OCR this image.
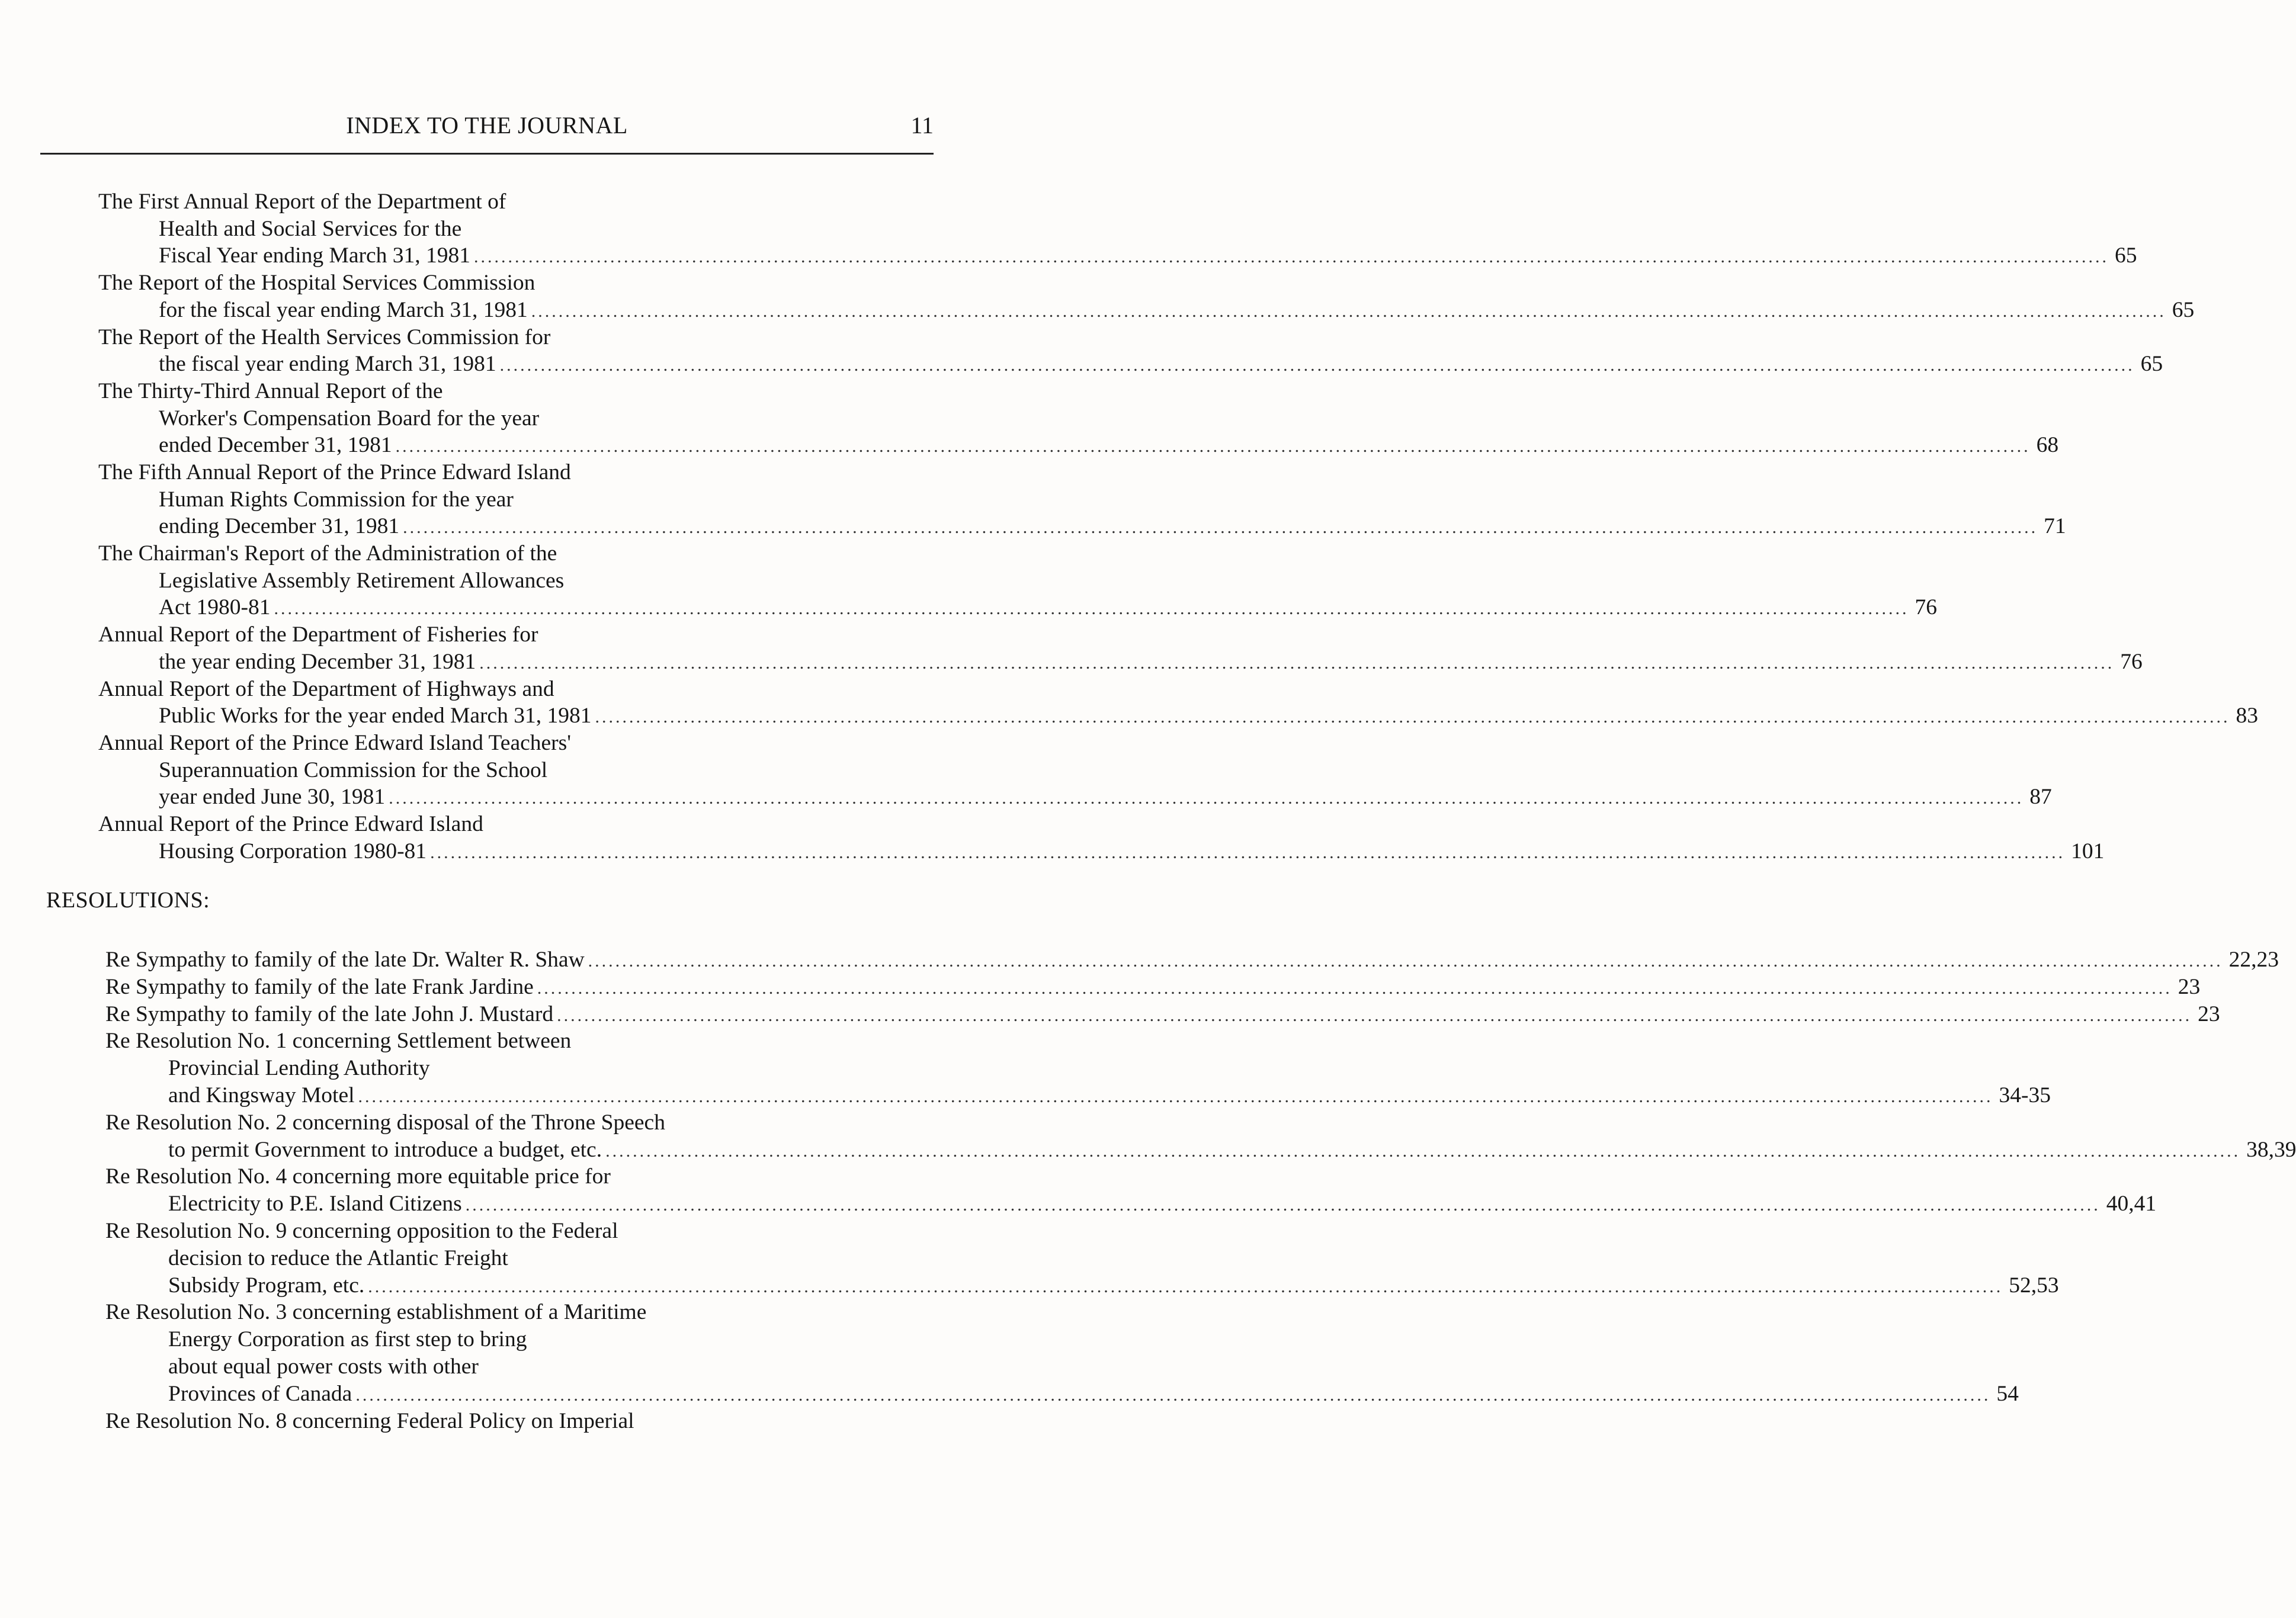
INDEX TO THE JOURNAL	11
The First Annual Report of the Department of
Health and Social Services for the
Fiscal Year ending March 31, 1981 ................................................................................................................................................................................................................................................ 65
The Report of the Hospital Services Commission
for the fiscal year ending March 31, 1981 ................................................................................................................................................................................................................................................ 65
The Report of the Health Services Commission for
the fiscal year ending March 31, 1981 ................................................................................................................................................................................................................................................ 65
The Thirty-Third Annual Report of the
Worker's Compensation Board for the year
ended December 31, 1981 ................................................................................................................................................................................................................................................ 68
The Fifth Annual Report of the Prince Edward Island
Human Rights Commission for the year
ending December 31, 1981 ................................................................................................................................................................................................................................................ 71
The Chairman's Report of the Administration of the
Legislative Assembly Retirement Allowances
Act 1980-81 ................................................................................................................................................................................................................................................ 76
Annual Report of the Department of Fisheries for
the year ending December 31, 1981 ................................................................................................................................................................................................................................................ 76
Annual Report of the Department of Highways and
Public Works for the year ended March 31, 1981 ................................................................................................................................................................................................................................................ 83
Annual Report of the Prince Edward Island Teachers'
Superannuation Commission for the School
year ended June 30, 1981 ................................................................................................................................................................................................................................................ 87
Annual Report of the Prince Edward Island
Housing Corporation 1980-81 ................................................................................................................................................................................................................................................ 101
RESOLUTIONS:
Re Sympathy to family of the late Dr. Walter R. Shaw ................................................................................................................................................................................................................................................ 22,23
Re Sympathy to family of the late Frank Jardine ................................................................................................................................................................................................................................................ 23
Re Sympathy to family of the late John J. Mustard ................................................................................................................................................................................................................................................ 23
Re Resolution No. 1 concerning Settlement between
Provincial Lending Authority
and Kingsway Motel ................................................................................................................................................................................................................................................ 34-35
Re Resolution No. 2 concerning disposal of the Throne Speech
to permit Government to introduce a budget, etc. ................................................................................................................................................................................................................................................ 38,39
Re Resolution No. 4 concerning more equitable price for
Electricity to P.E. Island Citizens ................................................................................................................................................................................................................................................ 40,41
Re Resolution No. 9 concerning opposition to the Federal
decision to reduce the Atlantic Freight
Subsidy Program, etc. ................................................................................................................................................................................................................................................ 52,53
Re Resolution No. 3 concerning establishment of a Maritime
Energy Corporation as first step to bring
about equal power costs with other
Provinces of Canada ................................................................................................................................................................................................................................................ 54
Re Resolution No. 8 concerning Federal Policy on Imperial
